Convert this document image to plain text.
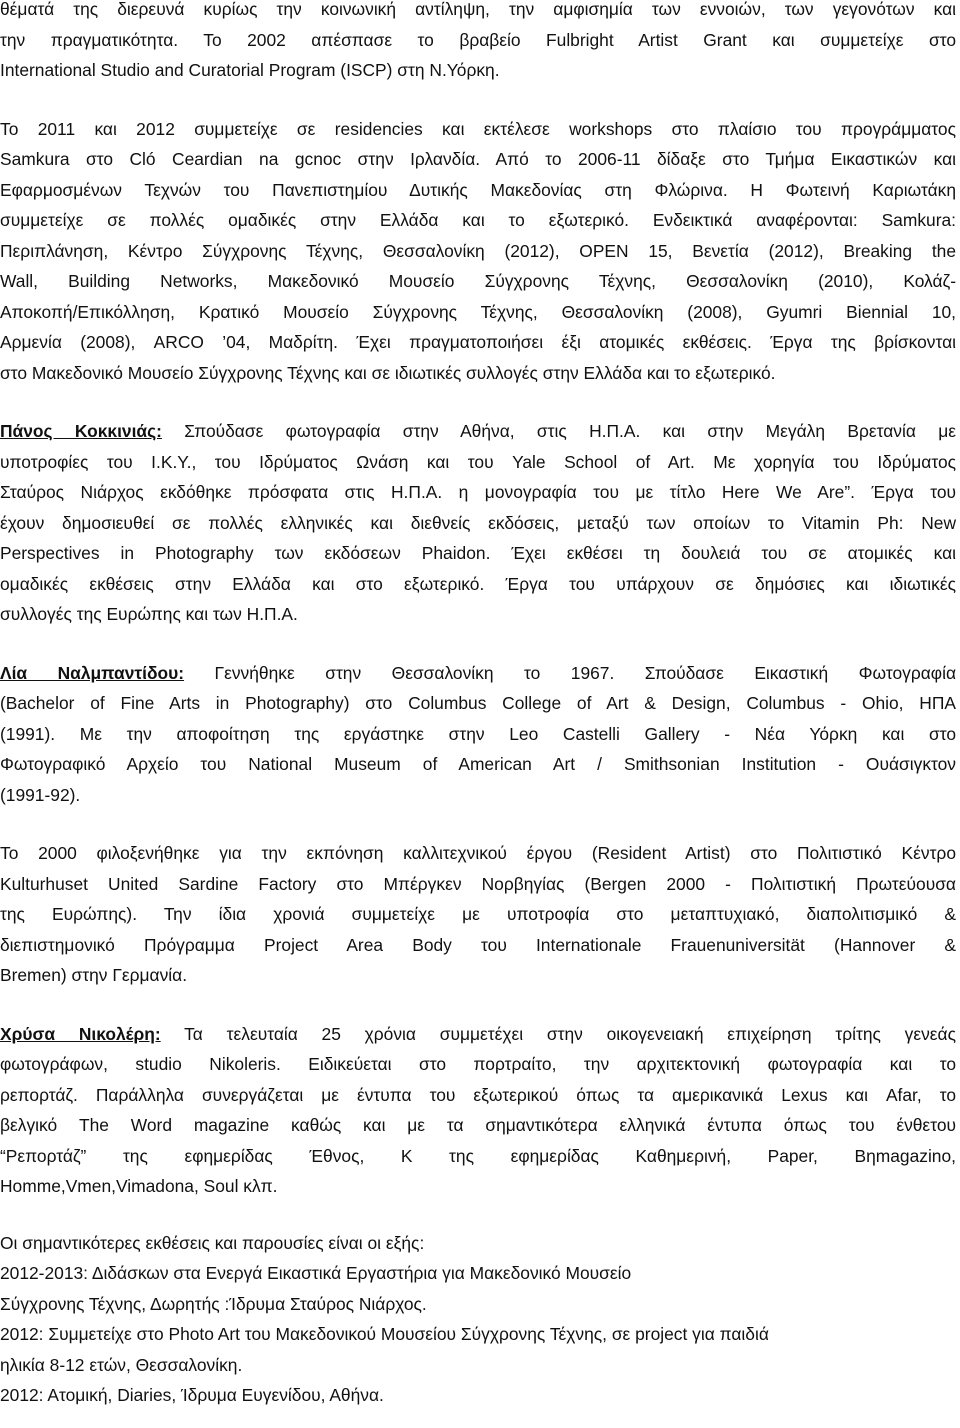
θέματά της διερευνά κυρίως την κοινωνική αντίληψη, την αμφισημία των εννοιών, των γεγονότων και
την πραγματικότητα. Το 2002 απέσπασε το βραβείο Fulbright Artist Grant και συμμετείχε στο
International Studio and Curatorial Program (ISCP) στη Ν.Υόρκη.
Το 2011 και 2012 συμμετείχε σε residencies και εκτέλεσε workshops στο πλαίσιο του προγράμματος
Samkura στο Cló Ceardian na gcnoc στην Ιρλανδία. Από το 2006-11 δίδαξε στο Τμήμα Εικαστικών και
Εφαρμοσμένων Τεχνών του Πανεπιστημίου Δυτικής Μακεδονίας στη Φλώρινα. Η Φωτεινή Καριωτάκη
συμμετείχε σε πολλές ομαδικές στην Ελλάδα και το εξωτερικό. Ενδεικτικά αναφέρονται: Samkura:
Περιπλάνηση, Κέντρο Σύγχρονης Τέχνης, Θεσσαλονίκη (2012), OPEN 15, Βενετία (2012), Breaking the
Wall, Building Networks, Μακεδονικό Μουσείο Σύγχρονης Τέχνης, Θεσσαλονίκη (2010), Κολάζ-
Αποκοπή/Επικόλληση, Κρατικό Μουσείο Σύγχρονης Τέχνης, Θεσσαλονίκη (2008), Gyumri Biennial 10,
Αρμενία (2008), ARCO ’04, Μαδρίτη. Έχει πραγματοποιήσει έξι ατομικές εκθέσεις. Έργα της βρίσκονται
στο Μακεδονικό Μουσείο Σύγχρονης Τέχνης και σε ιδιωτικές συλλογές στην Ελλάδα και το εξωτερικό.
Πάνος Κοκκινιάς: Σπούδασε φωτογραφία στην Αθήνα, στις Η.Π.Α. και στην Μεγάλη Βρετανία με
υποτροφίες του Ι.Κ.Υ., του Ιδρύματος Ωνάση και του Yale School of Art. Με χορηγία του Ιδρύματος
Σταύρος Νιάρχος εκδόθηκε πρόσφατα στις Η.Π.Α. η μονογραφία του με τίτλο Here We Are”. Έργα του
έχουν δημοσιευθεί σε πολλές ελληνικές και διεθνείς εκδόσεις, μεταξύ των οποίων το Vitamin Ph: New
Perspectives in Photography των εκδόσεων Phaidon. Έχει εκθέσει τη δουλειά του σε ατομικές και
ομαδικές εκθέσεις στην Ελλάδα και στο εξωτερικό. Έργα του υπάρχουν σε δημόσιες και ιδιωτικές
συλλογές της Ευρώπης και των Η.Π.Α.
Λία Ναλμπαντίδου: Γεννήθηκε στην Θεσσαλονίκη το 1967. Σπούδασε Εικαστική Φωτογραφία
(Bachelor of Fine Arts in Photography) στο Columbus College of Art & Design, Columbus - Ohio, ΗΠΑ
(1991). Με την αποφοίτηση της εργάστηκε στην Leo Castelli Gallery - Νέα Υόρκη και στο
Φωτογραφικό Αρχείο του National Museum of American Art / Smithsonian Institution - Ουάσιγκτον
(1991-92).
Το 2000 φιλοξενήθηκε για την εκπόνηση καλλιτεχνικού έργου (Resident Artist) στο Πολιτιστικό Κέντρο
Kulturhuset United Sardine Factory στο Μπέργκεν Νορβηγίας (Bergen 2000 - Πολιτιστική Πρωτεύουσα
της Ευρώπης). Την ίδια χρονιά συμμετείχε με υποτροφία στο μεταπτυχιακό, διαπολιτισμικό &
διεπιστημονικό Πρόγραμμα Project Area Body του Internationale Frauenuniversität (Hannover &
Bremen) στην Γερμανία.
Χρύσα Νικολέρη: Τα τελευταία 25 χρόνια συμμετέχει στην οικογενειακή επιχείρηση τρίτης γενεάς
φωτογράφων, studio Nikoleris. Ειδικεύεται στο πορτραίτο, την αρχιτεκτονική φωτογραφία και το
ρεπορτάζ. Παράλληλα συνεργάζεται με έντυπα του εξωτερικού όπως τα αμερικανικά Lexus και Afar, το
βελγικό The Word magazine καθώς και με τα σημαντικότερα ελληνικά έντυπα όπως του ένθετου
“Ρεπορτάζ” της εφημερίδας Έθνος, Κ της εφημερίδας Καθημερινή, Paper, Βηmagazino,
Homme,Vmen,Vimadona, Soul κλπ.
Οι σημαντικότερες εκθέσεις και παρουσίες είναι οι εξής:
2012-2013: Διδάσκων στα Ενεργά Εικαστικά Εργαστήρια για Μακεδονικό Μουσείο
Σύγχρονης Τέχνης, Δωρητής :Ίδρυμα Σταύρος Νιάρχος.
2012: Συμμετείχε στο Photo Art του Μακεδονικού Μουσείου Σύγχρονης Τέχνης, σε project για παιδιά
ηλικία 8-12 ετών, Θεσσαλονίκη.
2012: Ατομική, Diaries, Ίδρυμα Ευγενίδου, Αθήνα.
